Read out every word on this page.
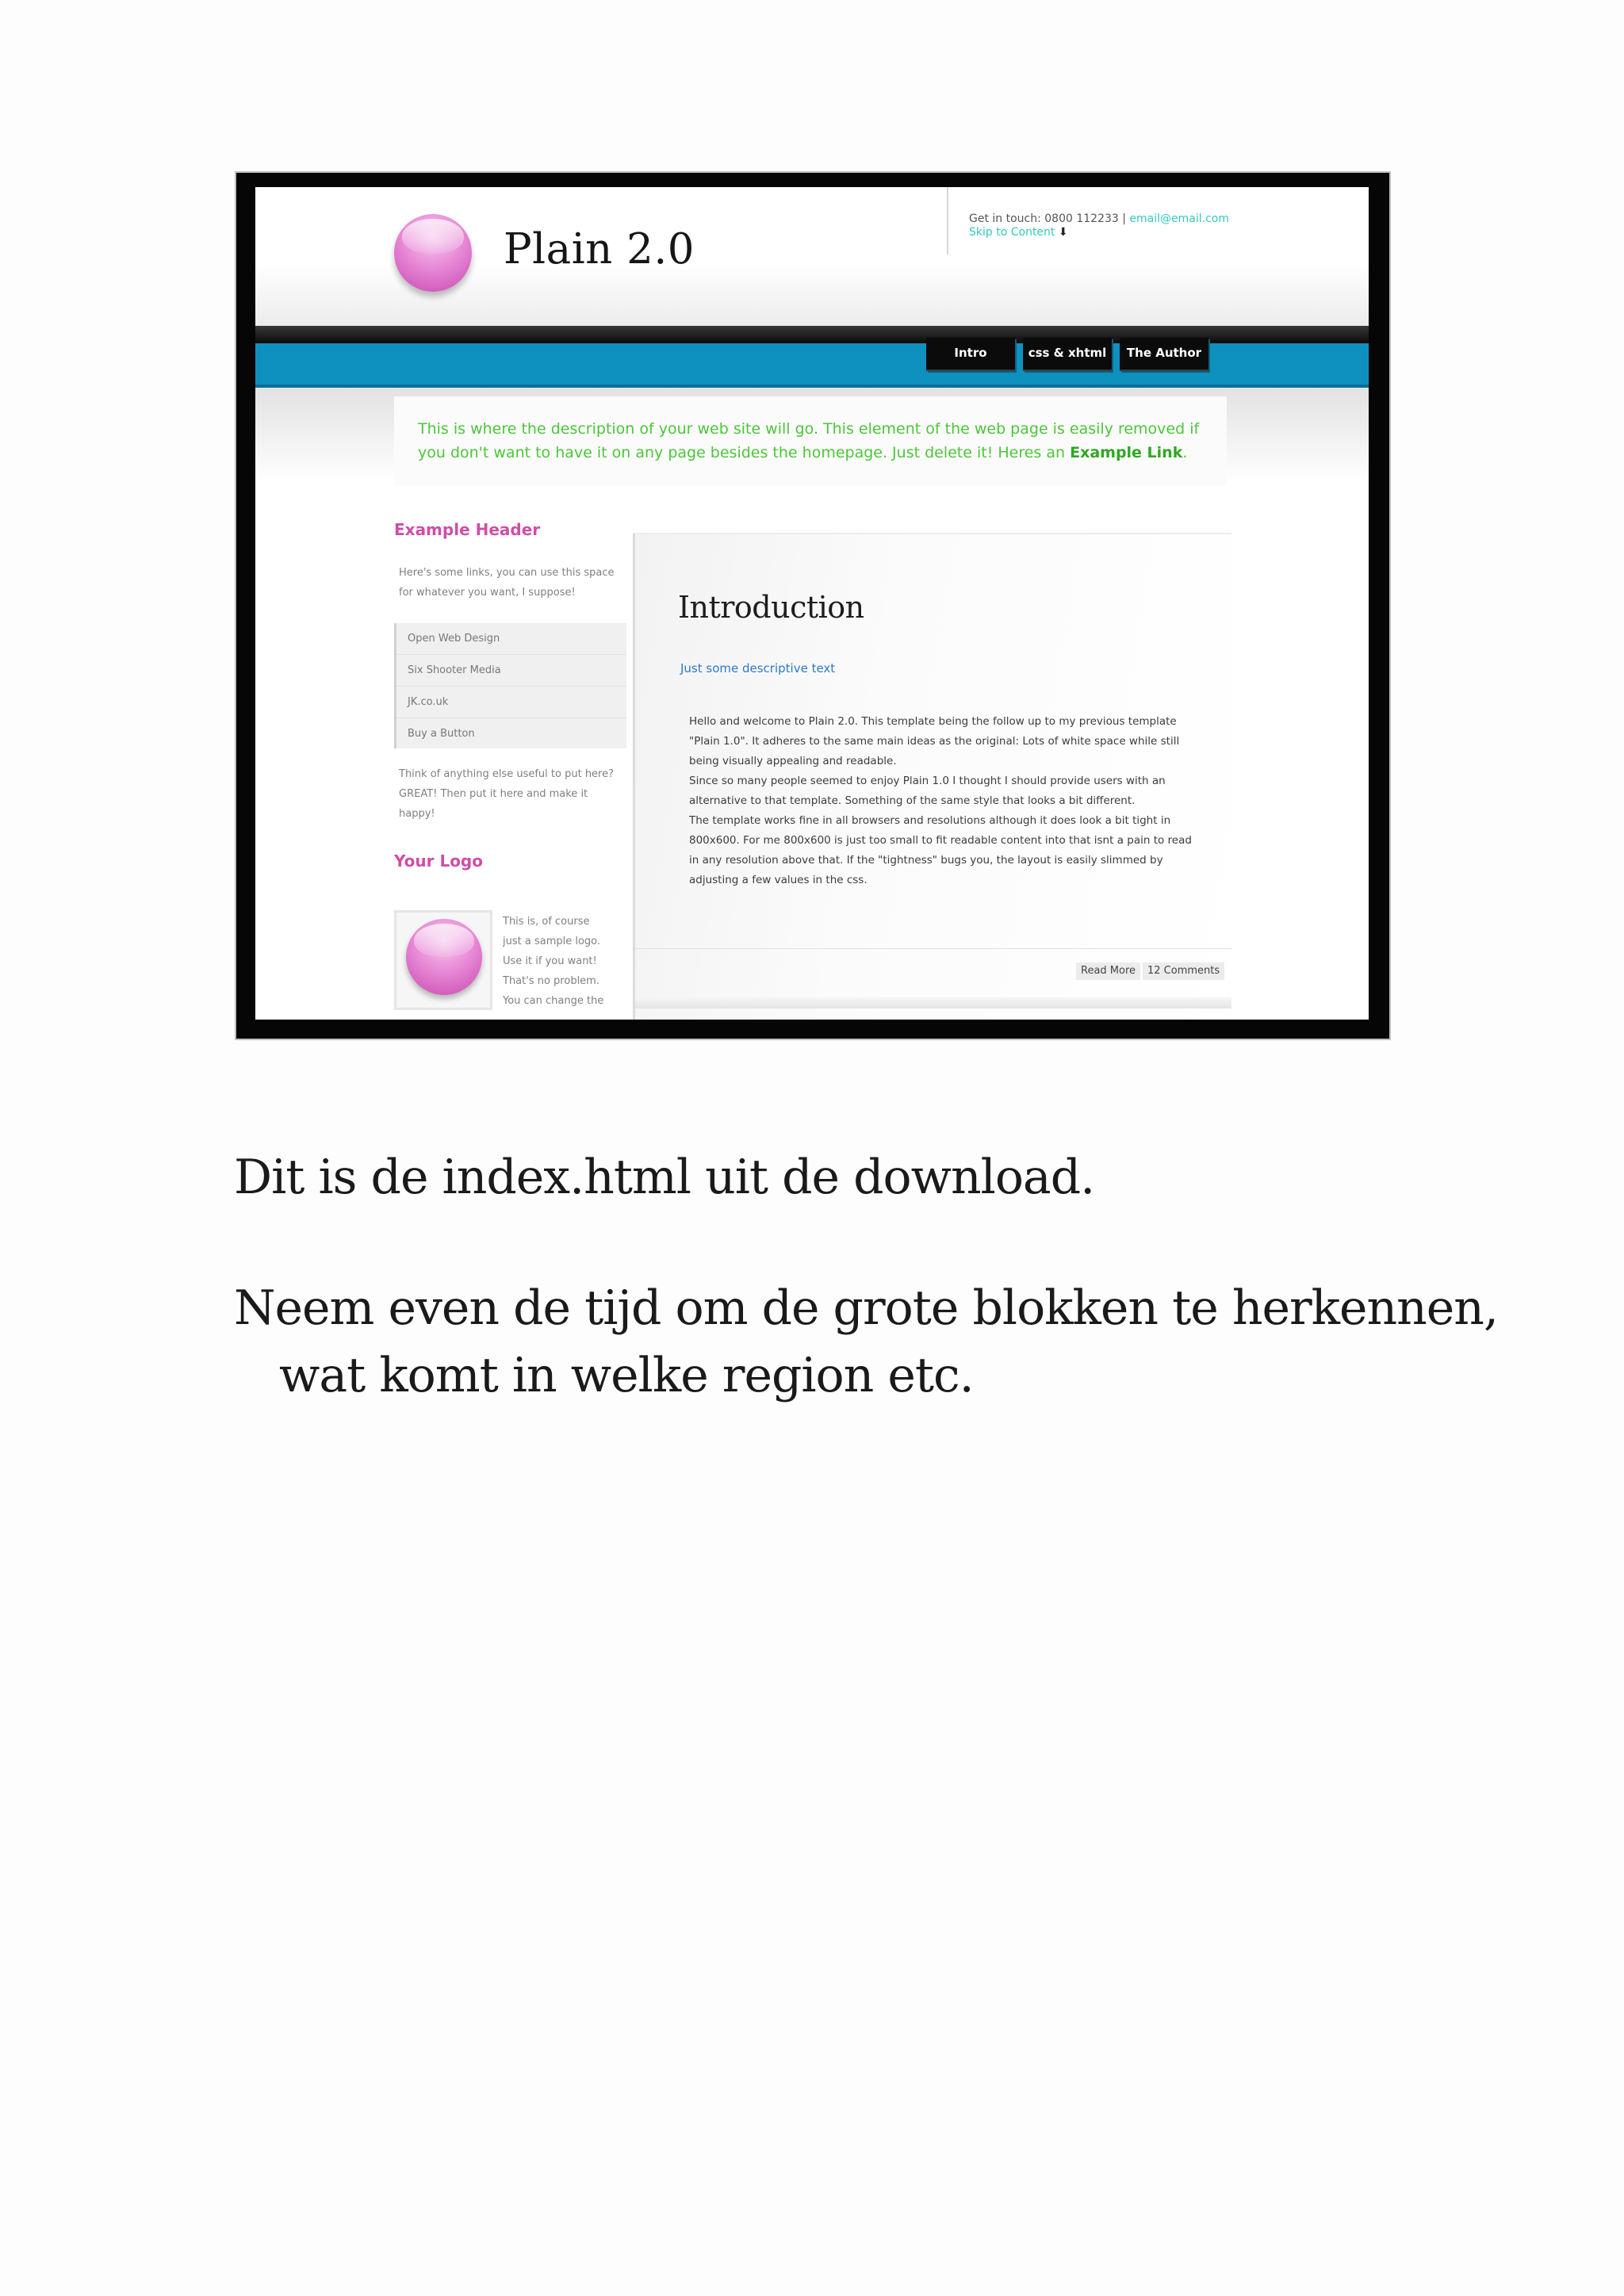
Plain 2.0
Get in touch: 0800 112233 | email@email.com
Skip to Content ⬇
Intro	css & xhtml	The Author
This is where the description of your web site will go. This element of the web page is easily removed if you don't want to have it on any page besides the homepage. Just delete it! Heres an Example Link.
Example Header
Here's some links, you can use this space for whatever you want, I suppose!
Open Web Design
Six Shooter Media
JK.co.uk
Buy a Button
Think of anything else useful to put here? GREAT! Then put it here and make it happy!
Your Logo
This is, of course just a sample logo. Use it if you want! That's no problem. You can change the
Introduction
Just some descriptive text

Hello and welcome to Plain 2.0. This template being the follow up to my previous template "Plain 1.0". It adheres to the same main ideas as the original: Lots of white space while still being visually appealing and readable.

Since so many people seemed to enjoy Plain 1.0 I thought I should provide users with an alternative to that template. Something of the same style that looks a bit different.

The template works fine in all browsers and resolutions although it does look a bit tight in 800x600. For me 800x600 is just too small to fit readable content into that isnt a pain to read in any resolution above that. If the "tightness" bugs you, the layout is easily slimmed by adjusting a few values in the css.

Read More	12 Comments
Dit is de index.html uit de download.
Neem even de tijd om de grote blokken te herkennen,
wat komt in welke region etc.
